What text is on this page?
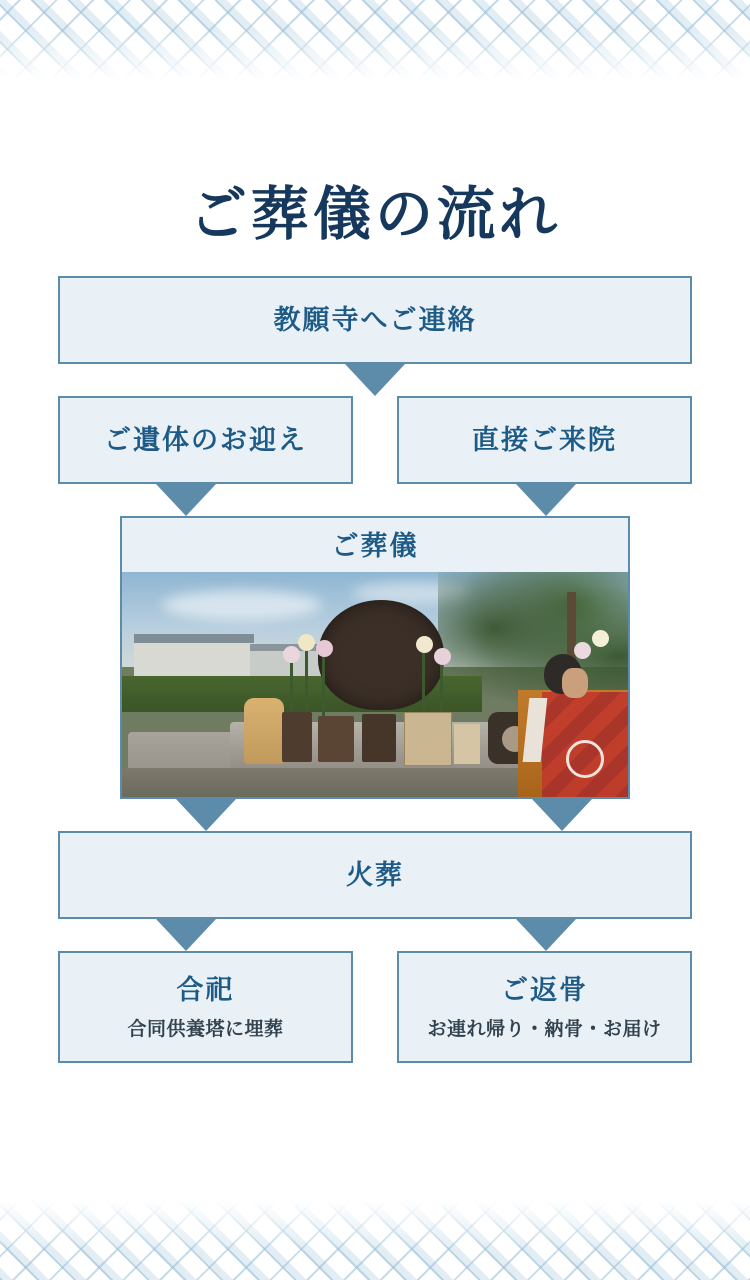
ご葬儀の流れ
教願寺へご連絡
ご遺体のお迎え	直接ご来院
ご葬儀
火葬
合祀
合同供養塔に埋葬
ご返骨
お連れ帰り・納骨・お届け
